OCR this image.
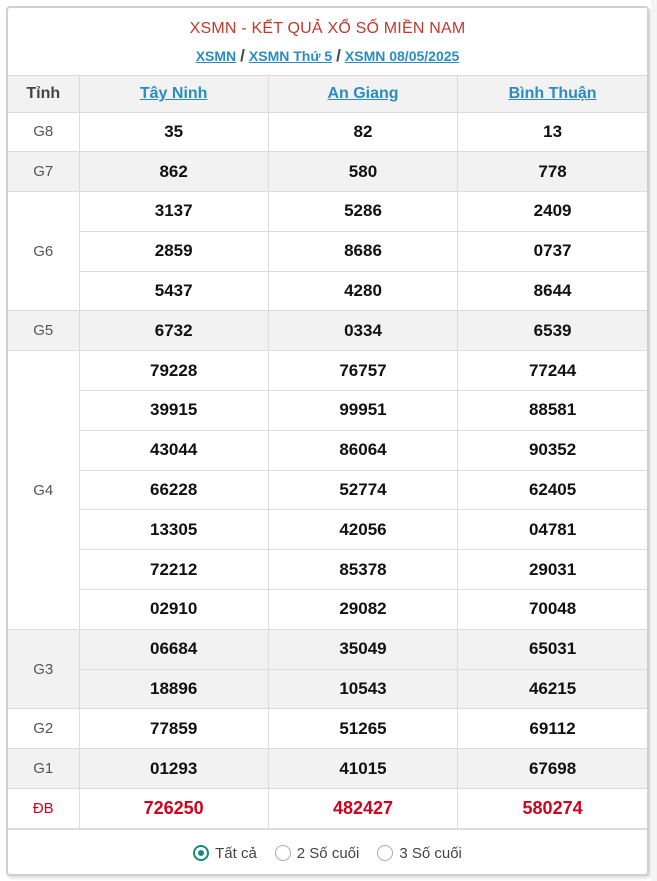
XSMN - KẾT QUẢ XỔ SỐ MIỀN NAM
XSMN / XSMN Thứ 5 / XSMN 08/05/2025
Tỉnh	Tây Ninh	An Giang	Bình Thuận
G8	35	82	13
G7	862	580	778
G6	3137	5286	2409
	2859	8686	0737
	5437	4280	8644
G5	6732	0334	6539
G4	79228	76757	77244
	39915	99951	88581
	43044	86064	90352
	66228	52774	62405
	13305	42056	04781
	72212	85378	29031
	02910	29082	70048
G3	06684	35049	65031
	18896	10543	46215
G2	77859	51265	69112
G1	01293	41015	67698
ĐB	726250	482427	580274
Tất cả	2 Số cuối	3 Số cuối
